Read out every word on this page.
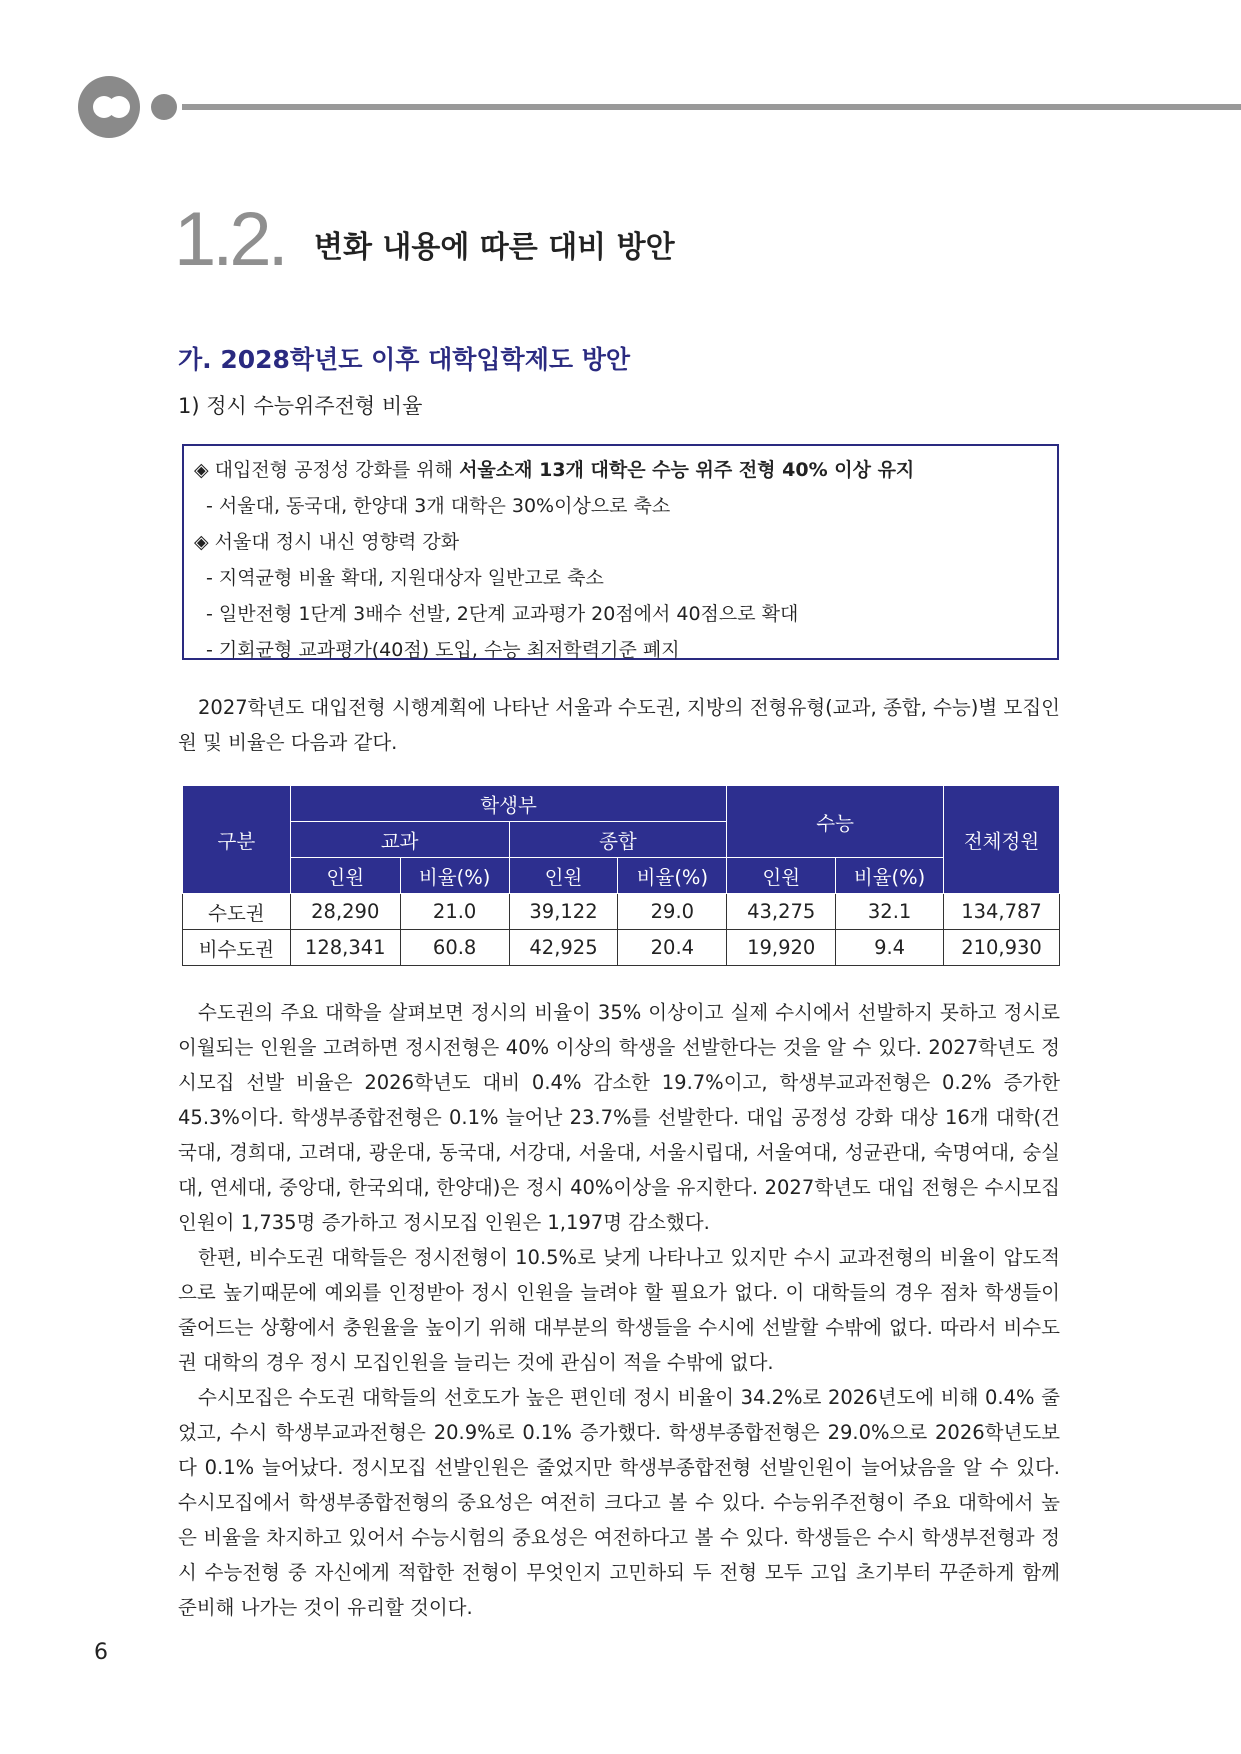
1.2. 변화 내용에 따른 대비 방안
가. 2028학년도 이후 대학입학제도 방안
1) 정시 수능위주전형 비율
◈ 대입전형 공정성 강화를 위해 서울소재 13개 대학은 수능 위주 전형 40% 이상 유지
- 서울대, 동국대, 한양대 3개 대학은 30%이상으로 축소
◈ 서울대 정시 내신 영향력 강화
- 지역균형 비율 확대, 지원대상자 일반고로 축소
- 일반전형 1단계 3배수 선발, 2단계 교과평가 20점에서 40점으로 확대
- 기회균형 교과평가(40점) 도입, 수능 최저학력기준 폐지
2027학년도 대입전형 시행계획에 나타난 서울과 수도권, 지방의 전형유형(교과, 종합, 수능)별 모집인원 및 비율은 다음과 같다.
구분	학생부				수능		전체정원
	교과		종합				
	인원	비율(%)	인원	비율(%)	인원	비율(%)	
수도권	28,290	21.0	39,122	29.0	43,275	32.1	134,787
비수도권	128,341	60.8	42,925	20.4	19,920	9.4	210,930
수도권의 주요 대학을 살펴보면 정시의 비율이 35% 이상이고 실제 수시에서 선발하지 못하고 정시로 이월되는 인원을 고려하면 정시전형은 40% 이상의 학생을 선발한다는 것을 알 수 있다. 2027학년도 정시모집 선발 비율은 2026학년도 대비 0.4% 감소한 19.7%이고, 학생부교과전형은 0.2% 증가한 45.3%이다. 학생부종합전형은 0.1% 늘어난 23.7%를 선발한다. 대입 공정성 강화 대상 16개 대학(건국대, 경희대, 고려대, 광운대, 동국대, 서강대, 서울대, 서울시립대, 서울여대, 성균관대, 숙명여대, 숭실대, 연세대, 중앙대, 한국외대, 한양대)은 정시 40%이상을 유지한다. 2027학년도 대입 전형은 수시모집 인원이 1,735명 증가하고 정시모집 인원은 1,197명 감소했다.
한편, 비수도권 대학들은 정시전형이 10.5%로 낮게 나타나고 있지만 수시 교과전형의 비율이 압도적으로 높기때문에 예외를 인정받아 정시 인원을 늘려야 할 필요가 없다. 이 대학들의 경우 점차 학생들이 줄어드는 상황에서 충원율을 높이기 위해 대부분의 학생들을 수시에 선발할 수밖에 없다. 따라서 비수도권 대학의 경우 정시 모집인원을 늘리는 것에 관심이 적을 수밖에 없다.
수시모집은 수도권 대학들의 선호도가 높은 편인데 정시 비율이 34.2%로 2026년도에 비해 0.4% 줄었고, 수시 학생부교과전형은 20.9%로 0.1% 증가했다. 학생부종합전형은 29.0%으로 2026학년도보다 0.1% 늘어났다. 정시모집 선발인원은 줄었지만 학생부종합전형 선발인원이 늘어났음을 알 수 있다. 수시모집에서 학생부종합전형의 중요성은 여전히 크다고 볼 수 있다. 수능위주전형이 주요 대학에서 높은 비율을 차지하고 있어서 수능시험의 중요성은 여전하다고 볼 수 있다. 학생들은 수시 학생부전형과 정시 수능전형 중 자신에게 적합한 전형이 무엇인지 고민하되 두 전형 모두 고입 초기부터 꾸준하게 함께 준비해 나가는 것이 유리할 것이다.
6
